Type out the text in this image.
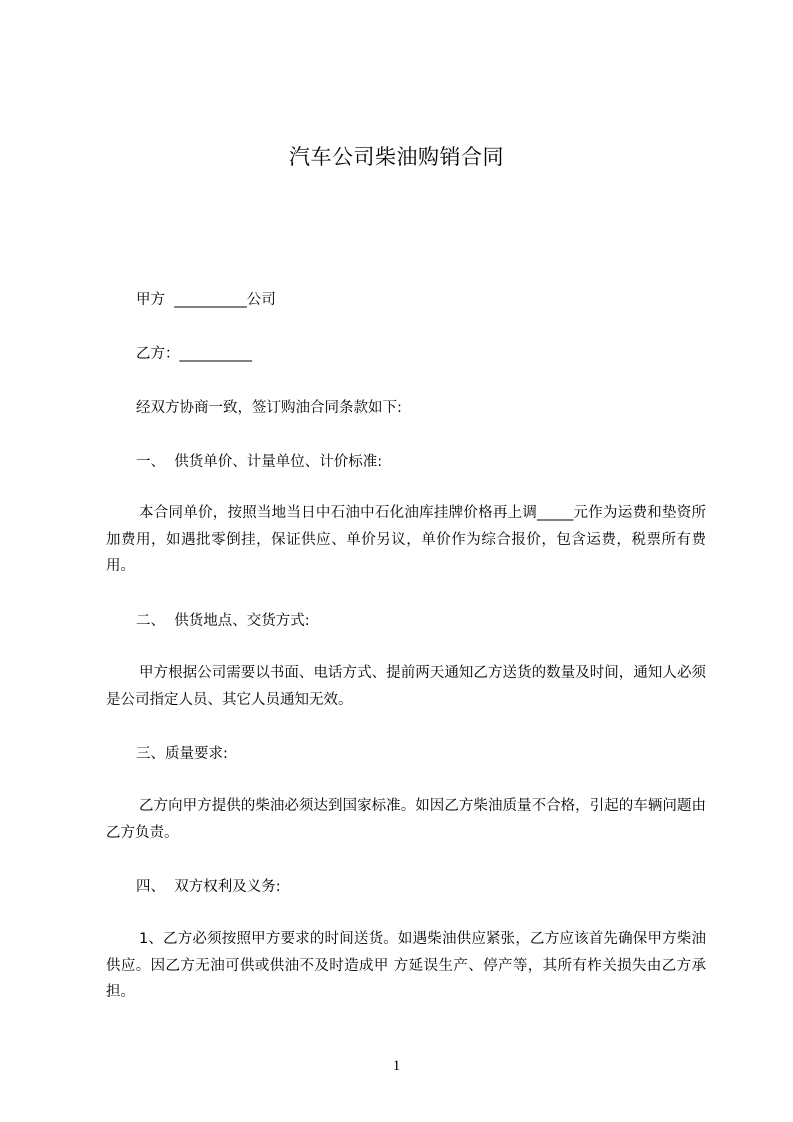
汽车公司柴油购销合同
甲方  __________公司
乙方：__________
经双方协商一致，签订购油合同条款如下:
一、  供货单价、计量单位、计价标准:
本合同单价，按照当地当日中石油中石化油库挂牌价格再上调_____元作为运费和垫资所加费用，如遇批零倒挂，保证供应、单价另议，单价作为综合报价，包含运费，税票所有费用。
二、  供货地点、交货方式:
甲方根据公司需要以书面、电话方式、提前两天通知乙方送货的数量及时间，通知人必须是公司指定人员、其它人员通知无效。
三、质量要求:
乙方向甲方提供的柴油必须达到国家标准。如因乙方柴油质量不合格，引起的车辆问题由乙方负责。
四、  双方权利及义务:
1、乙方必须按照甲方要求的时间送货。如遇柴油供应紧张，乙方应该首先确保甲方柴油供应。因乙方无油可供或供油不及时造成甲 方延误生产、停产等，其所有柞关损失由乙方承担。
1
